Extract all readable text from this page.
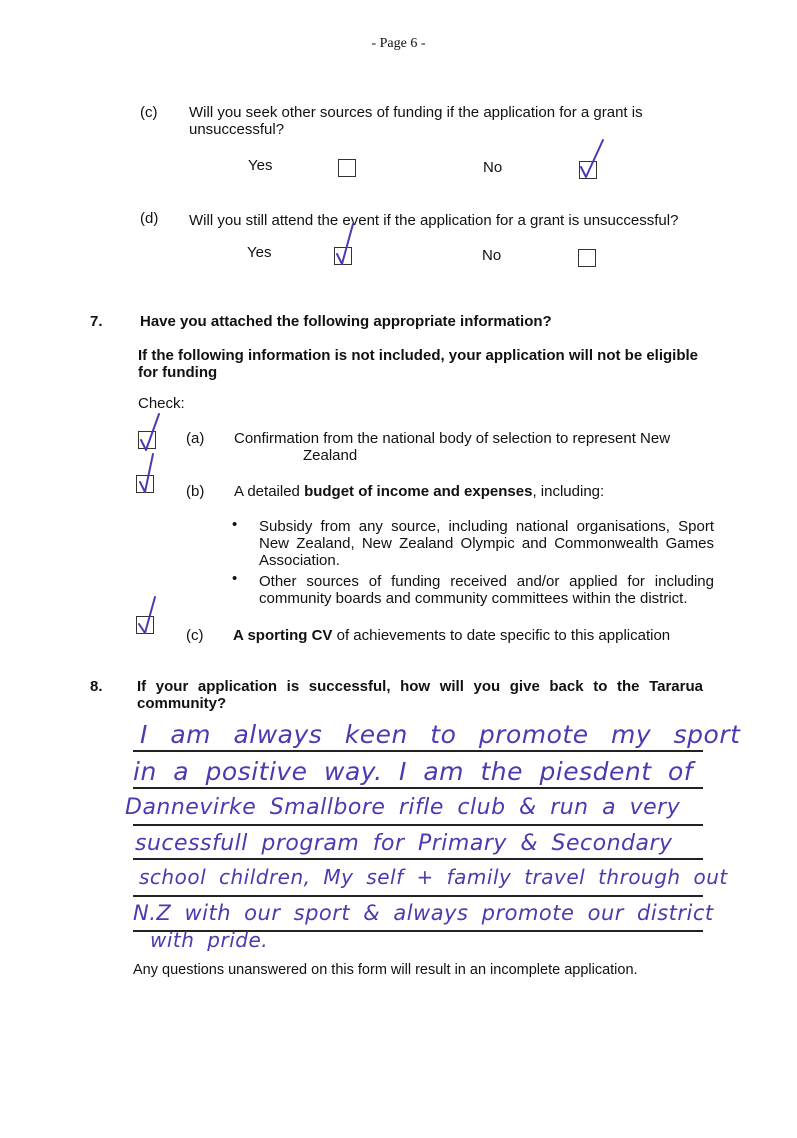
- Page 6 -
(c) Will you seek other sources of funding if the application for a grant is unsuccessful?
Yes	No
(d) Will you still attend the event if the application for a grant is unsuccessful?
Yes	No
7. Have you attached the following appropriate information?
If the following information is not included, your application will not be eligible for funding
Check:
(a) Confirmation from the national body of selection to represent New
Zealand
(b) A detailed budget of income and expenses, including:
• Subsidy from any source, including national organisations, Sport New Zealand, New Zealand Olympic and Commonwealth Games Association.
• Other sources of funding received and/or applied for including community boards and community committees within the district.
(c) A sporting CV of achievements to date specific to this application
8. If your application is successful, how will you give back to the Tararua community?
I am always keen to promote my sport
in a positive way. I am the piesdent of
Dannevirke Smallbore rifle club & run a very
sucessfull program for Primary & Secondary
school children, My self + family travel through out
N.Z with our sport & always promote our district
with pride.
Any questions unanswered on this form will result in an incomplete application.
